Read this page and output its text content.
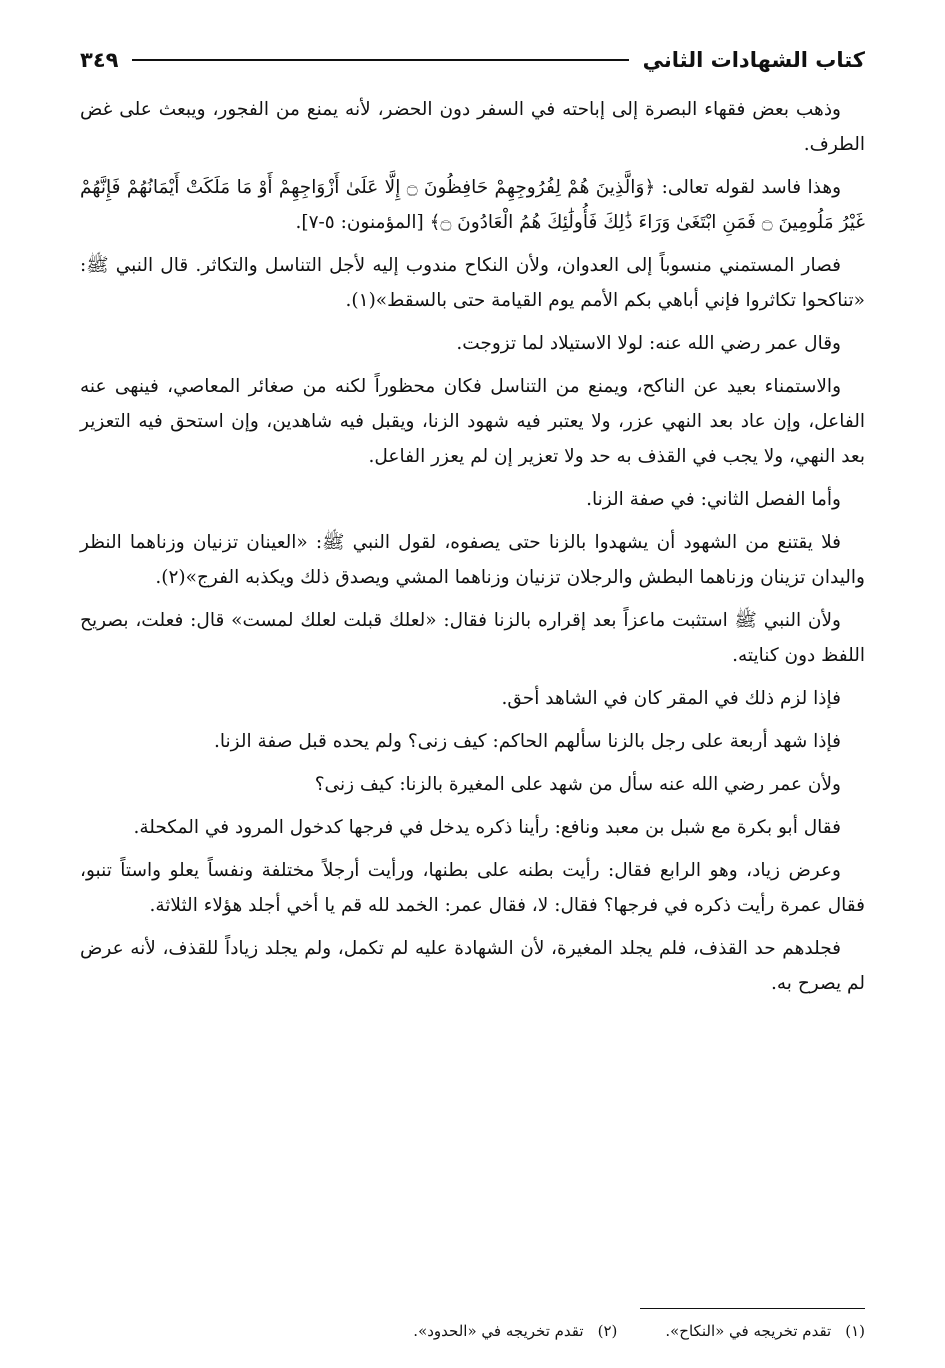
كتاب الشهادات الثاني
٣٤٩

وذهب بعض فقهاء البصرة إلى إباحته في السفر دون الحضر، لأنه يمنع من الفجور، ويبعث على غض الطرف.

وهذا فاسد لقوله تعالى: ﴿وَالَّذِينَ هُمْ لِفُرُوجِهِمْ حَافِظُونَ ۝ إِلَّا عَلَىٰ أَزْوَاجِهِمْ أَوْ مَا مَلَكَتْ أَيْمَانُهُمْ فَإِنَّهُمْ غَيْرُ مَلُومِينَ ۝ فَمَنِ ابْتَغَىٰ وَرَاءَ ذَٰلِكَ فَأُولَٰئِكَ هُمُ الْعَادُونَ ۝﴾ [المؤمنون: ٥-٧].

فصار المستمني منسوباً إلى العدوان، ولأن النكاح مندوب إليه لأجل التناسل والتكاثر. قال النبي ﷺ: «تناكحوا تكاثروا فإني أباهي بكم الأمم يوم القيامة حتى بالسقط»(١).

وقال عمر رضي الله عنه: لولا الاستيلاد لما تزوجت.

والاستمناء بعيد عن الناكح، ويمنع من التناسل فكان محظوراً لكنه من صغائر المعاصي، فينهى عنه الفاعل، وإن عاد بعد النهي عزر، ولا يعتبر فيه شهود الزنا، ويقبل فيه شاهدين، وإن استحق فيه التعزير بعد النهي، ولا يجب في القذف به حد ولا تعزير إن لم يعزر الفاعل.

وأما الفصل الثاني: في صفة الزنا.

فلا يقتنع من الشهود أن يشهدوا بالزنا حتى يصفوه، لقول النبي ﷺ: «العينان تزنيان وزناهما النظر واليدان تزينان وزناهما البطش والرجلان تزنيان وزناهما المشي ويصدق ذلك ويكذبه الفرج»(٢).

ولأن النبي ﷺ استثبت ماعزاً بعد إقراره بالزنا فقال: «لعلك قبلت لعلك لمست» قال: فعلت، بصريح اللفظ دون كنايته.

فإذا لزم ذلك في المقر كان في الشاهد أحق.

فإذا شهد أربعة على رجل بالزنا سألهم الحاكم: كيف زنى؟ ولم يحده قبل صفة الزنا.

ولأن عمر رضي الله عنه سأل من شهد على المغيرة بالزنا: كيف زنى؟

فقال أبو بكرة مع شبل بن معبد ونافع: رأينا ذكره يدخل في فرجها كدخول المرود في المكحلة.

وعرض زياد، وهو الرابع فقال: رأيت بطنه على بطنها، ورأيت أرجلاً مختلفة ونفساً يعلو واستاً تنبو، فقال عمرة رأيت ذكره في فرجها؟ فقال: لا، فقال عمر: الخمد لله قم يا أخي أجلد هؤلاء الثلاثة.

فجلدهم حد القذف، فلم يجلد المغيرة، لأن الشهادة عليه لم تكمل، ولم يجلد زياداً للقذف، لأنه عرض لم يصرح به.

(١)
تقدم تخريجه في «النكاح».
(٢)
تقدم تخريجه في «الحدود».
